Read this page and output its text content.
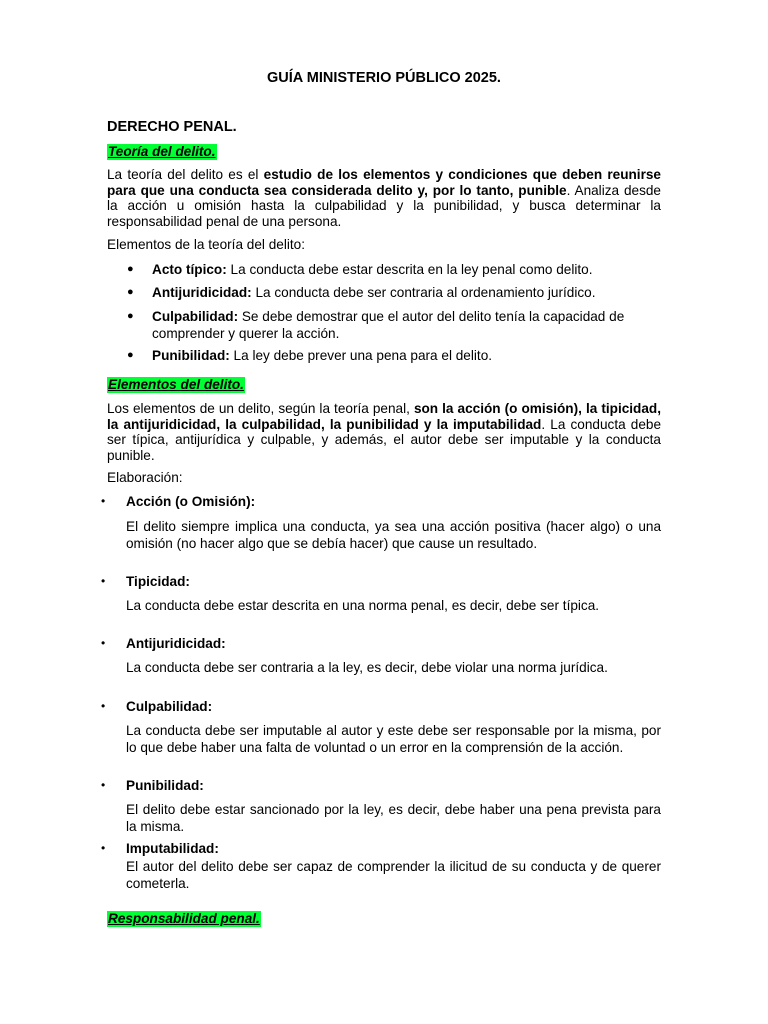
GUÍA MINISTERIO PÚBLICO 2025.
DERECHO PENAL.
Teoría del delito.
La teoría del delito es el estudio de los elementos y condiciones que deben reunirse para que una conducta sea considerada delito y, por lo tanto, punible. Analiza desde la acción u omisión hasta la culpabilidad y la punibilidad, y busca determinar la responsabilidad penal de una persona.
Elementos de la teoría del delito:
● Acto típico: La conducta debe estar descrita en la ley penal como delito.
● Antijuridicidad: La conducta debe ser contraria al ordenamiento jurídico.
● Culpabilidad: Se debe demostrar que el autor del delito tenía la capacidad de comprender y querer la acción.
● Punibilidad: La ley debe prever una pena para el delito.
Elementos del delito.
Los elementos de un delito, según la teoría penal, son la acción (o omisión), la tipicidad, la antijuridicidad, la culpabilidad, la punibilidad y la imputabilidad. La conducta debe ser típica, antijurídica y culpable, y además, el autor debe ser imputable y la conducta punible.
Elaboración:
• Acción (o Omisión):
El delito siempre implica una conducta, ya sea una acción positiva (hacer algo) o una omisión (no hacer algo que se debía hacer) que cause un resultado.
• Tipicidad:
La conducta debe estar descrita en una norma penal, es decir, debe ser típica.
• Antijuridicidad:
La conducta debe ser contraria a la ley, es decir, debe violar una norma jurídica.
• Culpabilidad:
La conducta debe ser imputable al autor y este debe ser responsable por la misma, por lo que debe haber una falta de voluntad o un error en la comprensión de la acción.
• Punibilidad:
El delito debe estar sancionado por la ley, es decir, debe haber una pena prevista para la misma.
• Imputabilidad:
El autor del delito debe ser capaz de comprender la ilicitud de su conducta y de querer cometerla.
Responsabilidad penal.
